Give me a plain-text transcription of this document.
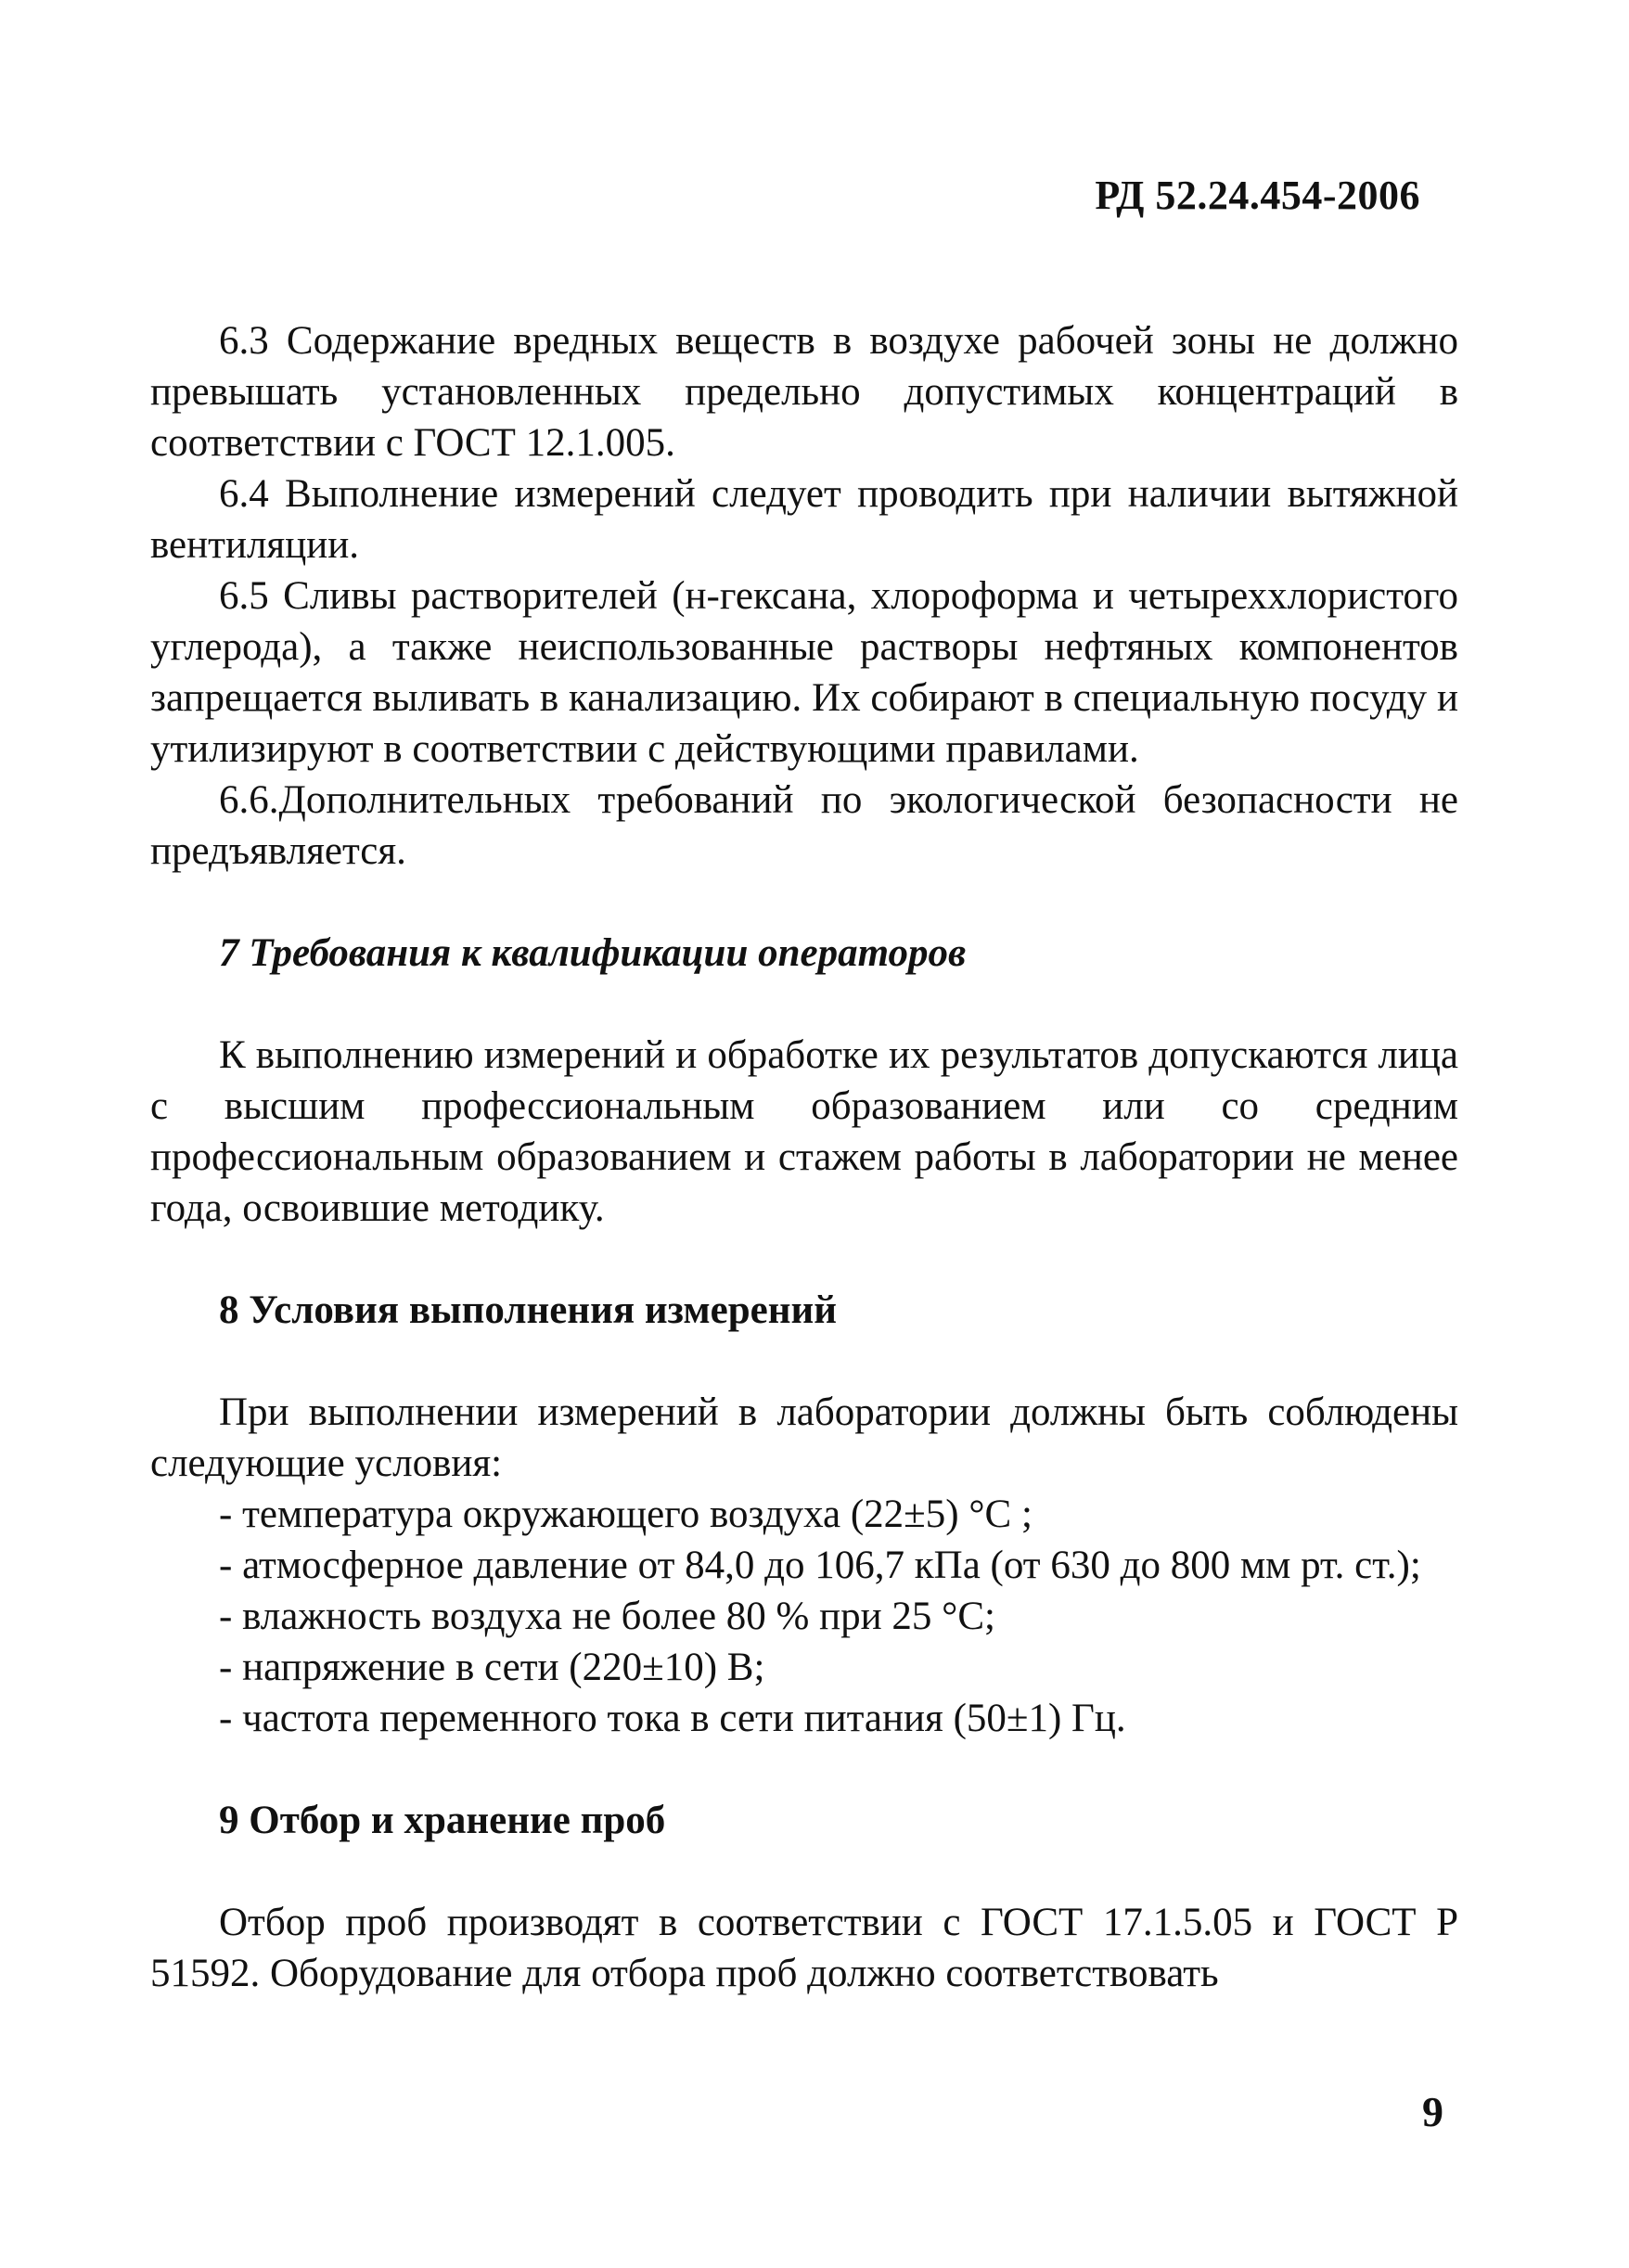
РД 52.24.454-2006

6.3 Содержание вредных веществ в воздухе рабочей зоны не должно превышать установленных предельно допустимых концентраций в соответствии с ГОСТ 12.1.005.

6.4 Выполнение измерений следует проводить при наличии вытяжной вентиляции.

6.5 Сливы растворителей (н-гексана, хлороформа и четыреххлористого углерода), а также неиспользованные растворы нефтяных компонентов запрещается выливать в канализацию. Их собирают в специальную посуду и утилизируют в соответствии с действующими правилами.

6.6.Дополнительных требований по экологической безопасности не предъявляется.

7 Требования к квалификации операторов

К выполнению измерений и обработке их результатов допускаются лица с высшим профессиональным образованием или со средним профессиональным образованием и стажем работы в лаборатории не менее года, освоившие методику.

8 Условия выполнения измерений

При выполнении измерений в лаборатории должны быть соблюдены следующие условия:

- температура окружающего воздуха (22±5) °С ;

- атмосферное давление от 84,0 до 106,7 кПа (от 630 до 800 мм рт. ст.);

- влажность воздуха не более 80 % при 25 °С;

- напряжение в сети (220±10) В;

- частота переменного тока в сети питания (50±1) Гц.

9 Отбор и хранение проб

Отбор проб производят в соответствии с ГОСТ 17.1.5.05 и ГОСТ Р 51592. Оборудование для отбора проб должно соответствовать

9
